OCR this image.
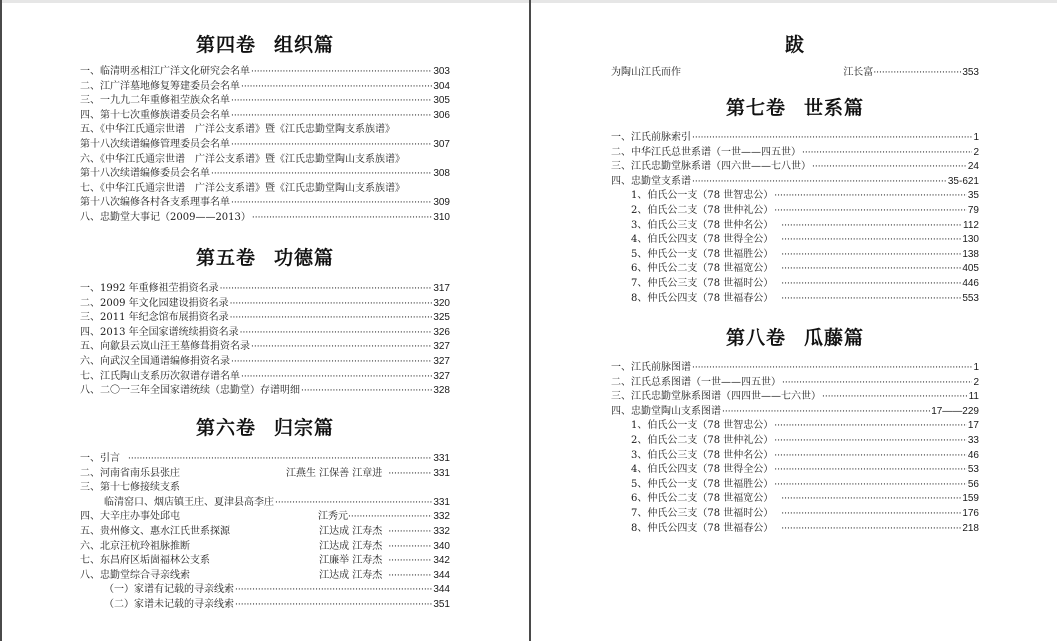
第四卷 组织篇
一、临清明丞相江广洋文化研究会名单 ·····	303
二、江广洋墓地修复筹建委员会名单 ·····	304
三、一九九二年重修祖茔族众名单 ·····	305
四、第十七次重修族谱委员会名单 ·····	306
五、《中华江氏通宗世谱　广洋公支系谱》暨《江氏忠勤堂陶支系族谱》
第十八次续谱编修管理委员会名单 ·····	307
六、《中华江氏通宗世谱　广洋公支系谱》暨《江氏忠勤堂陶山支系族谱》
第十八次续谱编修委员会名单 ·····	308
七、《中华江氏通宗世谱　广洋公支系谱》暨《江氏忠勤堂陶山支系族谱》
第十八次编修各村各支系理事名单 ·····	309
八、忠勤堂大事记（2009——2013） ·····	310
第五卷 功德篇
一、1992 年重修祖茔捐资名录 ·····	317
二、2009 年文化园建设捐资名录 ·····	320
三、2011 年纪念馆布展捐资名录 ·····	325
四、2013 年全国家谱统续捐资名录 ·····	326
五、向歙县云岚山汪王墓修葺捐资名录 ·····	327
六、向武汉全国通谱编修捐资名录 ·····	327
七、江氏陶山支系历次叙谱存谱名单 ·····	327
八、二〇一三年全国家谱统续（忠勤堂）存谱明细 ·····	328
第六卷 归宗篇
一、引言 ·····	331
二、河南省南乐县张庄	江燕生 江保善 江章进 ·····	331
三、第十七修接续支系
临清窑口、烟店镇王庄、夏津县高李庄 ·····	331
四、大辛庄办事处邱屯	江秀元 ·····	332
五、贵州修文、惠水江氏世系探源	江达成 江寿杰 ·····	332
六、北京汪杭玲祖脉推断	江达成 江寿杰 ·····	340
七、东昌府区垢崮福林公支系	江廉举 江寿杰 ·····	342
八、忠勤堂综合寻亲线索	江达成 江寿杰 ·····	344
（一）家谱有记载的寻亲线索 ·····	344
（二）家谱未记载的寻亲线索 ·····	351
跋
为陶山江氏而作	江长富 ·····	353
第七卷 世系篇
一、江氏前脉索引 ·····	1
二、中华江氏总世系谱（一世——四五世） ·····	2
三、江氏忠勤堂脉系谱（四六世——七八世） ·····	24
四、忠勤堂支系谱 ·····	35-621
1、伯氏公一支（78 世智忠公） ·····	35
2、伯氏公二支（78 世仲礼公） ·····	79
3、伯氏公三支（78 世仲名公） ·····	112
4、伯氏公四支（78 世得全公） ·····	130
5、仲氏公一支（78 世福胜公） ·····	138
6、仲氏公二支（78 世福宽公） ·····	405
7、仲氏公三支（78 世福时公） ·····	446
8、仲氏公四支（78 世福春公） ·····	553
第八卷 瓜藤篇
一、江氏前脉图谱 ·····	1
二、江氏总系图谱（一世——四五世） ·····	2
三、江氏忠勤堂脉系图谱（四四世——七六世） ·····	11
四、忠勤堂陶山支系图谱 ·····	17——229
1、伯氏公一支（78 世智忠公） ·····	17
2、伯氏公二支（78 世仲礼公） ·····	33
3、伯氏公三支（78 世仲名公） ·····	46
4、伯氏公四支（78 世得全公） ·····	53
5、仲氏公一支（78 世福胜公） ·····	56
6、仲氏公二支（78 世福宽公） ·····	159
7、仲氏公三支（78 世福时公） ·····	176
8、仲氏公四支（78 世福春公） ·····	218
